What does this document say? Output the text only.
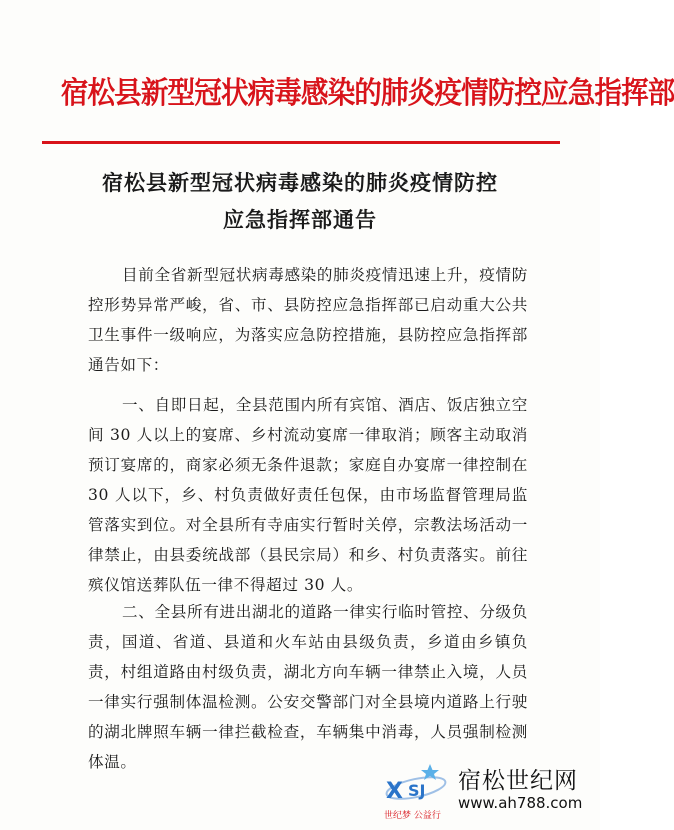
宿松县新型冠状病毒感染的肺炎疫情防控应急指挥部
宿松县新型冠状病毒感染的肺炎疫情防控
应急指挥部通告
目前全省新型冠状病毒感染的肺炎疫情迅速上升，疫情防控形势异常严峻，省、市、县防控应急指挥部已启动重大公共卫生事件一级响应，为落实应急防控措施，县防控应急指挥部通告如下：
一、自即日起，全县范围内所有宾馆、酒店、饭店独立空间 30 人以上的宴席、乡村流动宴席一律取消；顾客主动取消预订宴席的，商家必须无条件退款；家庭自办宴席一律控制在 30 人以下，乡、村负责做好责任包保，由市场监督管理局监管落实到位。对全县所有寺庙实行暂时关停，宗教法场活动一律禁止，由县委统战部（县民宗局）和乡、村负责落实。前往殡仪馆送葬队伍一律不得超过 30 人。
二、全县所有进出湖北的道路一律实行临时管控、分级负责，国道、省道、县道和火车站由县级负责，乡道由乡镇负责，村组道路由村级负责，湖北方向车辆一律禁止入境，人员一律实行强制体温检测。公安交警部门对全县境内道路上行驶的湖北牌照车辆一律拦截检查，车辆集中消毒，人员强制检测体温。
X SJ
世纪梦 公益行
宿松世纪网
www.ah788.com
